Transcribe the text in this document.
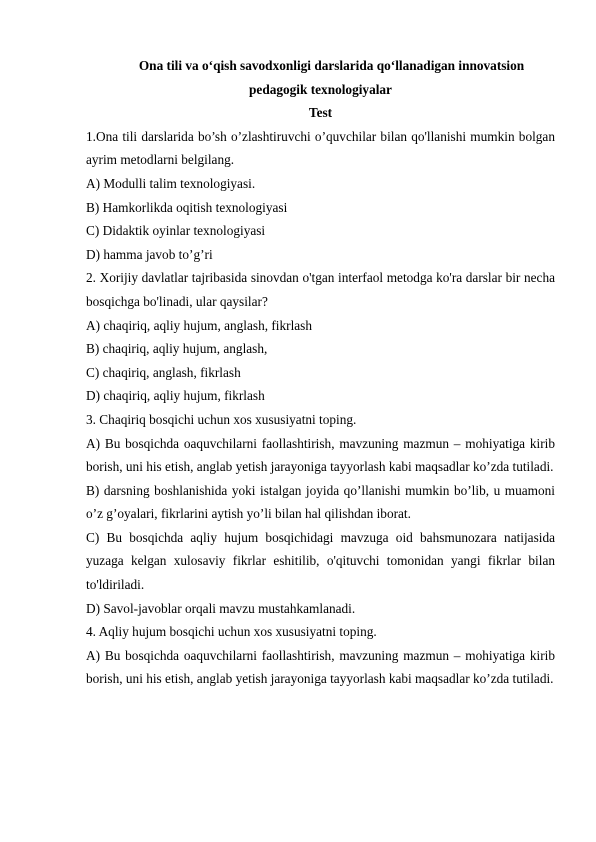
Ona tili va o‘qish savodxonligi darslarida qo‘llanadigan innovatsion
pedagogik texnologiyalar

Test

1.Ona tili darslarida bo’sh o’zlashtiruvchi o’quvchilar bilan qo'llanishi mumkin bolgan ayrim metodlarni belgilang.

A) Modulli talim texnologiyasi.

B) Hamkorlikda oqitish texnologiyasi

C) Didaktik oyinlar texnologiyasi

D) hamma javob to’g’ri

2. Xorijiy davlatlar tajribasida sinovdan o'tgan interfaol metodga ko'ra darslar bir necha bosqichga bo'linadi, ular qaysilar?

A) chaqiriq, aqliy hujum, anglash, fikrlash

B) chaqiriq, aqliy hujum, anglash,

C) chaqiriq, anglash, fikrlash

D) chaqiriq, aqliy hujum, fikrlash

3. Chaqiriq bosqichi uchun xos xususiyatni toping.

A) Bu bosqichda oaquvchilarni faollashtirish, mavzuning mazmun – mohiyatiga kirib borish, uni his etish, anglab yetish jarayoniga tayyorlash kabi maqsadlar ko’zda tutiladi.

B) darsning boshlanishida yoki istalgan joyida qo’llanishi mumkin bo’lib, u muamoni o’z g’oyalari, fikrlarini aytish yo’li bilan hal qilishdan iborat.

C) Bu bosqichda aqliy hujum bosqichidagi mavzuga oid bahsmunozara natijasida yuzaga kelgan xulosaviy fikrlar eshitilib, o'qituvchi tomonidan yangi fikrlar bilan to'ldiriladi.

D) Savol-javoblar orqali mavzu mustahkamlanadi.

4. Aqliy hujum bosqichi uchun xos xususiyatni toping.

A) Bu bosqichda oaquvchilarni faollashtirish, mavzuning mazmun – mohiyatiga kirib borish, uni his etish, anglab yetish jarayoniga tayyorlash kabi maqsadlar ko’zda tutiladi.
